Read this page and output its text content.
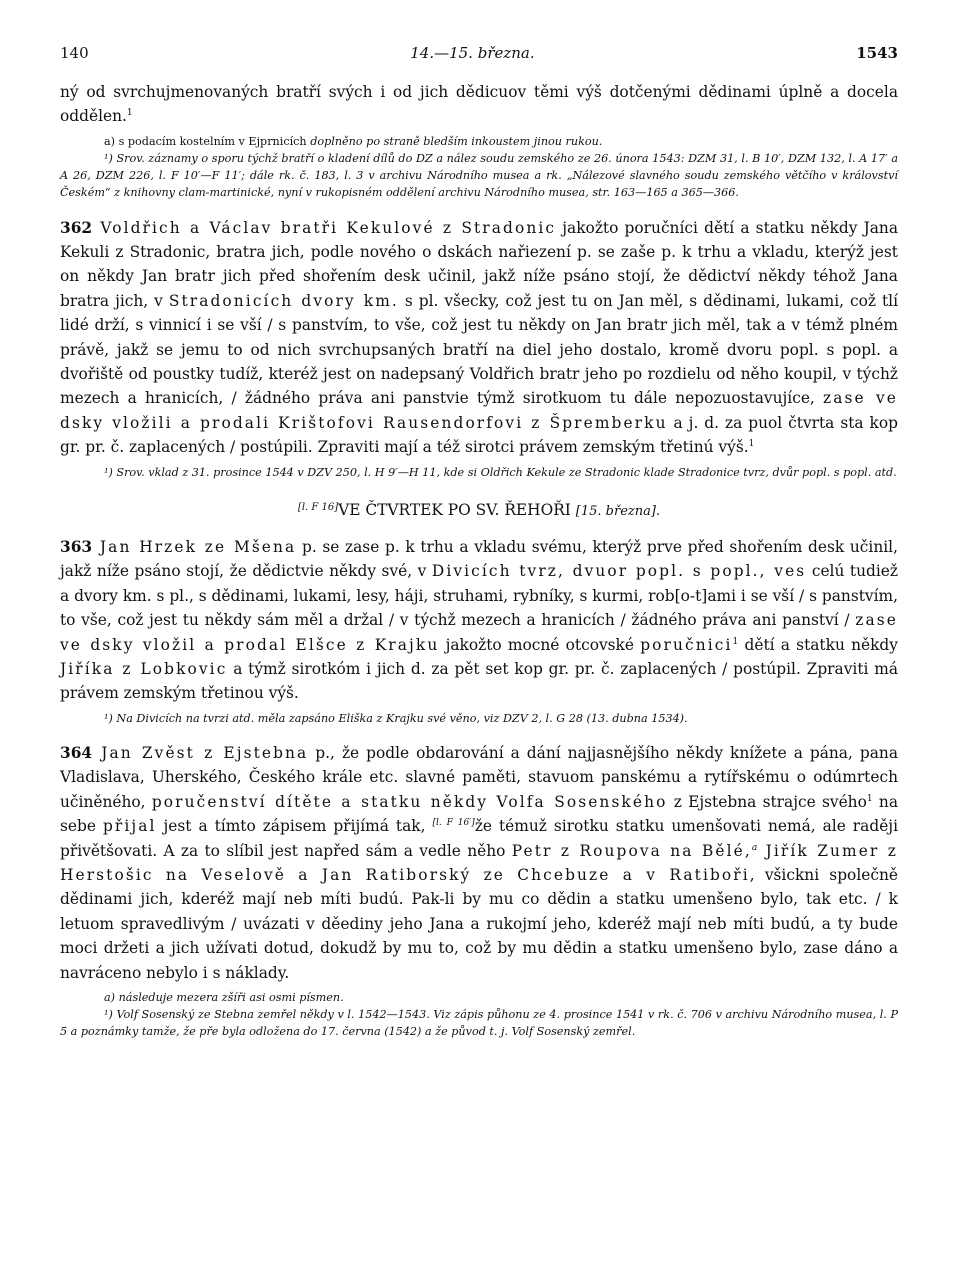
140	14.—15. března.	1543

ný od svrchujmenovaných bratří svých i od jich dědicuov těmi výš dotčenými dědinami úplně a docela oddělen.$^1$

a) s podacím kostelním v Ejprnicích doplněno po straně bledším inkoustem jinou rukou.

¹) Srov. záznamy o sporu týchž bratří o kladení dílů do DZ a nález soudu zemského ze 26. února 1543: DZM 31, l. B 10′, DZM 132, l. A 17′ a A 26, DZM 226, l. F 10′—F 11′; dále rk. č. 183, l. 3 v archivu Národního musea a rk. „Nálezové slavného soudu zemského větčího v království Českém“ z knihovny clam-martinické, nyní v rukopisném oddělení archivu Národního musea, str. 163—165 a 365—366.

362 Voldřich a Václav bratři Kekulové z Stradonic jakožto poručníci dětí a statku někdy Jana Kekuli z Stradonic, bratra jich, podle nového o dskách nařiezení p. se zaše p. k trhu a vkladu, kterýž jest on někdy Jan bratr jich před shořením desk učinil, jakž níže psáno stojí, že dědictví někdy téhož Jana bratra jich, v Stradonicích dvory km. s pl. všecky, což jest tu on Jan měl, s dědinami, lukami, což tlí lidé drží, s vinnicí i se vší / s panstvím, to vše, což jest tu někdy on Jan bratr jich měl, tak a v témž plném právě, jakž se jemu to od nich svrchupsaných bratří na diel jeho dostalo, kromě dvoru popl. s popl. a dvořiště od poustky tudíž, kteréž jest on nadepsaný Voldřich bratr jeho po rozdielu od něho koupil, v týchž mezech a hranicích, / žádného práva ani panstvie týmž sirotkuom tu dále nepozuostavujíce, zase ve dsky vložili a prodali Krištofovi Rausendorfovi z Špremberku a j. d. za puol čtvrta sta kop gr. pr. č. zaplacených / postúpili. Zpraviti mají a též sirotci právem zemským třetinú výš.$^1$

¹) Srov. vklad z 31. prosince 1544 v DZV 250, l. H 9′—H 11, kde si Oldřich Kekule ze Stradonic klade Stradonice tvrz, dvůr popl. s popl. atd.

[l. F 16]VE ČTVRTEK PO SV. ŘEHOŘI [15. března].

363 Jan Hrzek ze Mšena p. se zase p. k trhu a vkladu svému, kterýž prve před shořením desk učinil, jakž níže psáno stojí, že dědictvie někdy své, v Divicích tvrz, dvuor popl. s popl., ves celú tudiež a dvory km. s pl., s dědinami, lukami, lesy, háji, struhami, rybníky, s kurmi, rob[o-t]ami i se vší / s panstvím, to vše, což jest tu někdy sám měl a držal / v týchž mezech a hranicích / žádného práva ani panství / zase ve dsky vložil a prodal Elšce z Krajku jakožto mocné otcovské poručnici$^1$ dětí a statku někdy Jiříka z Lobkovic a týmž sirotkóm i jich d. za pět set kop gr. pr. č. zaplacených / postúpil. Zpraviti má právem zemským třetinou výš.

¹) Na Divicích na tvrzi atd. měla zapsáno Eliška z Krajku své věno, viz DZV 2, l. G 28 (13. dubna 1534).

364 Jan Zvěst z Ejstebna p., že podle obdarování a dání najjasnějšího někdy knížete a pána, pana Vladislava, Uherského, Českého krále etc. slavné paměti, stavuom panskému a rytířskému o odúmrtech učiněného, poručenství dítěte a statku někdy Volfa Sosenského z Ejstebna strajce svého$^1$ na sebe přijal jest a tímto zápisem přijímá tak, [l. F 16′]že témuž sirotku statku umenšovati nemá, ale raději přivětšovati. A za to slíbil jest napřed sám a vedle něho Petr z Roupova na Bělé,$^a$ Jiřík Zumer z Herstošic na Veselově a Jan Ratiborský ze Chcebuze a v Ratiboři, všickni společně dědinami jich, kderéž mají neb míti budú. Pak-li by mu co dědin a statku umenšeno bylo, tak etc. / k letuom spravedlivým / uvázati v děediny jeho Jana a rukojmí jeho, kderéž mají neb míti budú, a ty bude moci držeti a jich užívati dotud, dokudž by mu to, což by mu dědin a statku umenšeno bylo, zase dáno a navráceno nebylo i s náklady.

a) následuje mezera zšíři asi osmi písmen.

¹) Volf Sosenský ze Stebna zemřel někdy v l. 1542—1543. Viz zápis půhonu ze 4. prosince 1541 v rk. č. 706 v archivu Národního musea, l. P 5 a poznámky tamže, že pře byla odložena do 17. června (1542) a že původ t. j. Volf Sosenský zemřel.
